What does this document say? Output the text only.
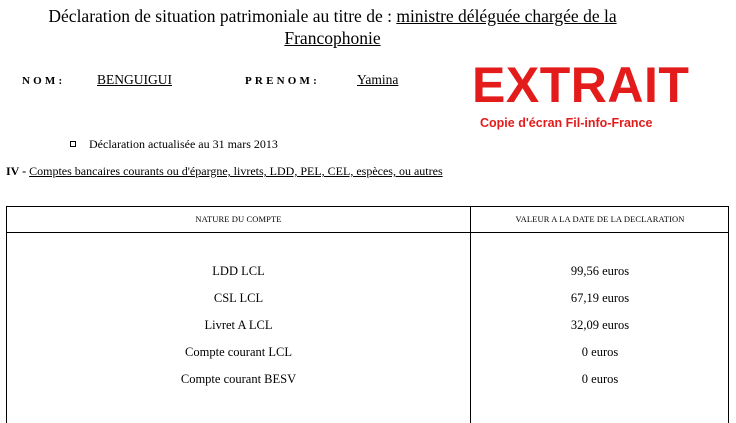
Déclaration de situation patrimoniale au titre de : ministre déléguée chargée de la
Francophonie
NOM: BENGUIGUI	PRENOM:	Yamina EXTRAIT
Copie d'écran Fil-info-France
Déclaration actualisée au 31 mars 2013
IV - Comptes bancaires courants ou d'épargne, livrets, LDD, PEL, CEL, espèces, ou autres
NATURE DU COMPTE	VALEUR A LA DATE DE LA DECLARATION
LDD LCL	99,56 euros
CSL LCL	67,19 euros
Livret A LCL	32,09 euros
Compte courant LCL	0 euros
Compte courant BESV	0 euros
